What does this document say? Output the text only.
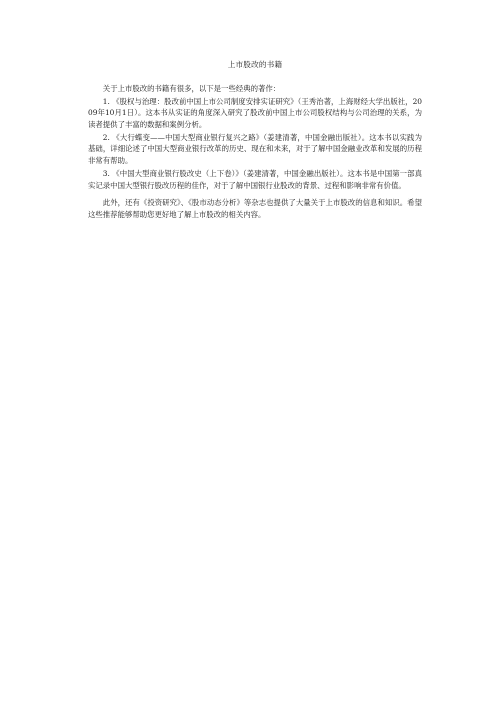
上市股改的书籍

关于上市股改的书籍有很多，以下是一些经典的著作：

1. 《股权与治理：股改前中国上市公司制度安排实证研究》（王秀治著，上海财经大学出版社，2009年10月1日）。这本书从实证的角度深入研究了股改前中国上市公司股权结构与公司治理的关系，为读者提供了丰富的数据和案例分析。

2. 《大行蝶变——中国大型商业银行复兴之路》（姜建清著，中国金融出版社）。这本书以实践为基础，详细论述了中国大型商业银行改革的历史、现在和未来，对于了解中国金融业改革和发展的历程非常有帮助。

3. 《中国大型商业银行股改史（上下卷）》（姜建清著，中国金融出版社）。这本书是中国第一部真实记录中国大型银行股改历程的佳作，对于了解中国银行业股改的背景、过程和影响非常有价值。

此外，还有《投资研究》、《股市动态分析》等杂志也提供了大量关于上市股改的信息和知识。希望这些推荐能够帮助您更好地了解上市股改的相关内容。
